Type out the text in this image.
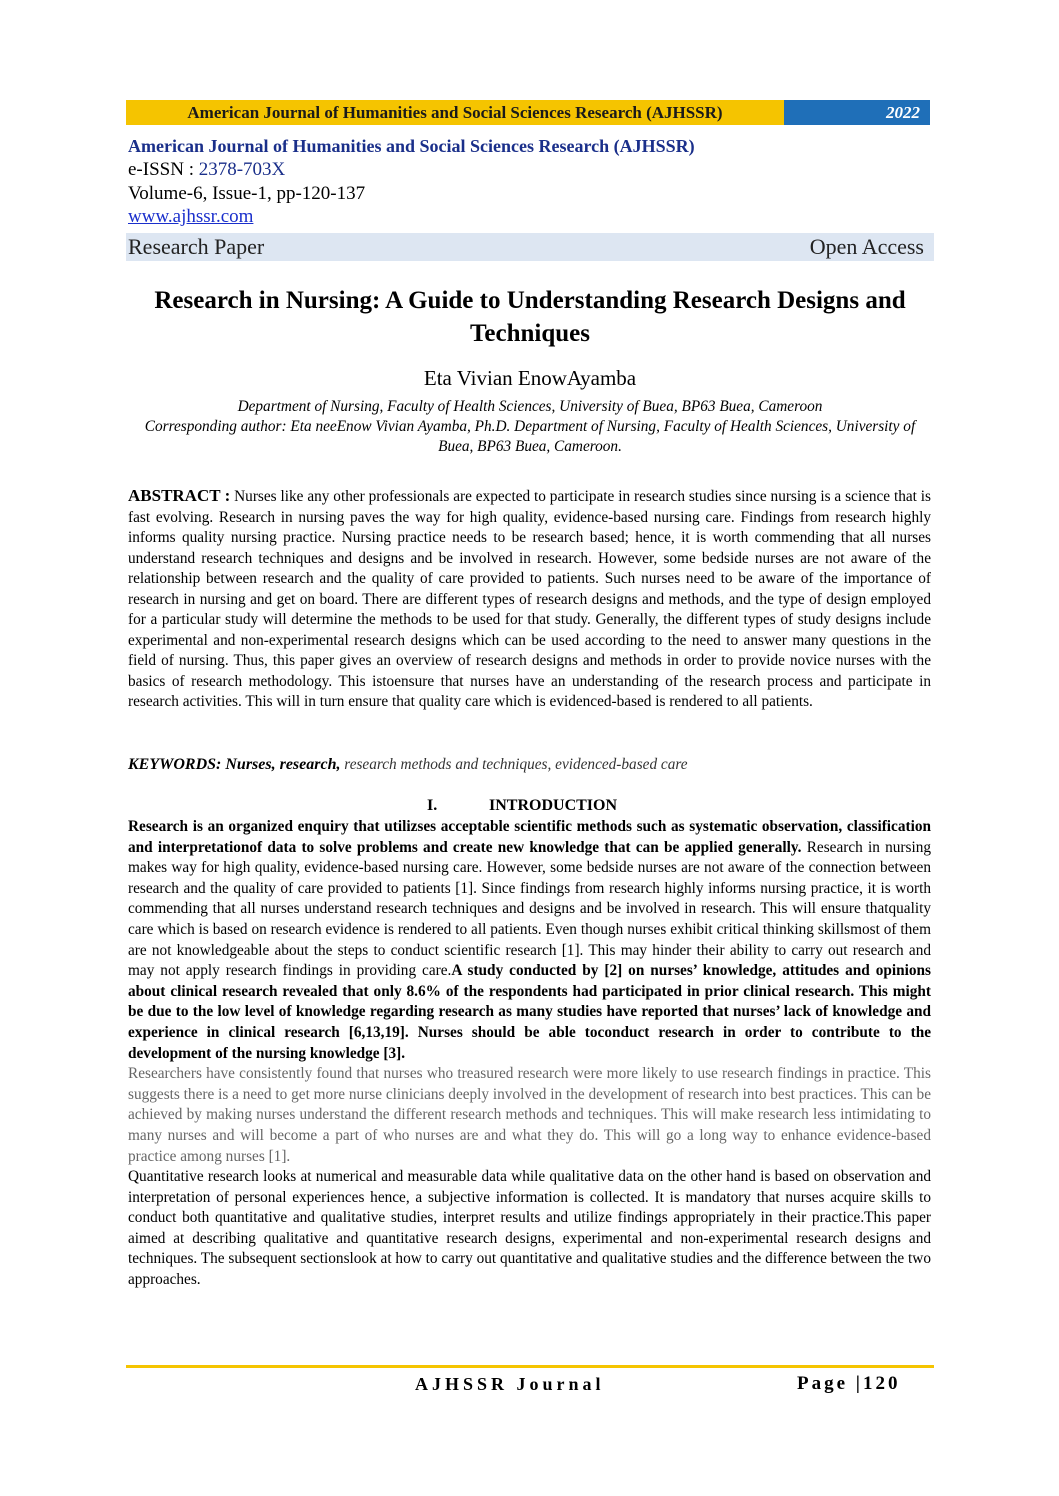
American Journal of Humanities and Social Sciences Research (AJHSSR)	2022
American Journal of Humanities and Social Sciences Research (AJHSSR)
e-ISSN : 2378-703X
Volume-6, Issue-1, pp-120-137
www.ajhssr.com
Research Paper	Open Access
Research in Nursing: A Guide to Understanding Research Designs and Techniques
Eta Vivian EnowAyamba
Department of Nursing, Faculty of Health Sciences, University of Buea, BP63 Buea, Cameroon
Corresponding author: Eta neeEnow Vivian Ayamba, Ph.D. Department of Nursing, Faculty of Health Sciences, University of Buea, BP63 Buea, Cameroon.
ABSTRACT : Nurses like any other professionals are expected to participate in research studies since nursing is a science that is fast evolving. Research in nursing paves the way for high quality, evidence-based nursing care. Findings from research highly informs quality nursing practice. Nursing practice needs to be research based; hence, it is worth commending that all nurses understand research techniques and designs and be involved in research. However, some bedside nurses are not aware of the relationship between research and the quality of care provided to patients. Such nurses need to be aware of the importance of research in nursing and get on board. There are different types of research designs and methods, and the type of design employed for a particular study will determine the methods to be used for that study. Generally, the different types of study designs include experimental and non-experimental research designs which can be used according to the need to answer many questions in the field of nursing. Thus, this paper gives an overview of research designs and methods in order to provide novice nurses with the basics of research methodology. This istoensure that nurses have an understanding of the research process and participate in research activities. This will in turn ensure that quality care which is evidenced-based is rendered to all patients.
KEYWORDS: Nurses, research, research methods and techniques, evidenced-based care
I.	INTRODUCTION

Research is an organized enquiry that utilizses acceptable scientific methods such as systematic observation, classification and interpretationof data to solve problems and create new knowledge that can be applied generally. Research in nursing makes way for high quality, evidence-based nursing care. However, some bedside nurses are not aware of the connection between research and the quality of care provided to patients [1]. Since findings from research highly informs nursing practice, it is worth commending that all nurses understand research techniques and designs and be involved in research. This will ensure thatquality care which is based on research evidence is rendered to all patients. Even though nurses exhibit critical thinking skillsmost of them are not knowledgeable about the steps to conduct scientific research [1]. This may hinder their ability to carry out research and may not apply research findings in providing care.A study conducted by [2] on nurses’ knowledge, attitudes and opinions about clinical research revealed that only 8.6% of the respondents had participated in prior clinical research. This might be due to the low level of knowledge regarding research as many studies have reported that nurses’ lack of knowledge and experience in clinical research [6,13,19]. Nurses should be able toconduct research in order to contribute to the development of the nursing knowledge [3].

Researchers have consistently found that nurses who treasured research were more likely to use research findings in practice. This suggests there is a need to get more nurse clinicians deeply involved in the development of research into best practices. This can be achieved by making nurses understand the different research methods and techniques. This will make research less intimidating to many nurses and will become a part of who nurses are and what they do. This will go a long way to enhance evidence-based practice among nurses [1].

Quantitative research looks at numerical and measurable data while qualitative data on the other hand is based on observation and interpretation of personal experiences hence, a subjective information is collected. It is mandatory that nurses acquire skills to conduct both quantitative and qualitative studies, interpret results and utilize findings appropriately in their practice.This paper aimed at describing qualitative and quantitative research designs, experimental and non-experimental research designs and techniques. The subsequent sectionslook at how to carry out quantitative and qualitative studies and the difference between the two approaches.

AJHSSR Journal	Page |120
